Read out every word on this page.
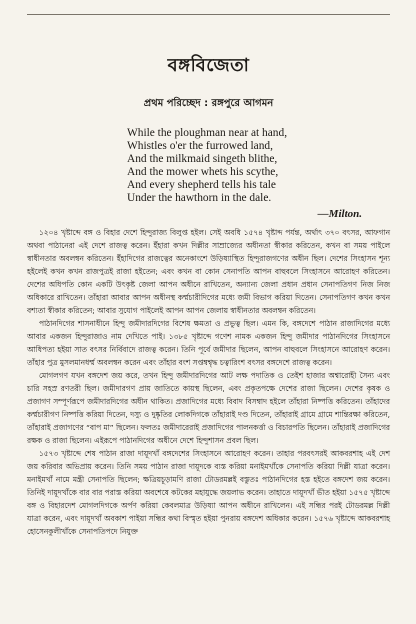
বঙ্গবিজেতা
প্রথম পরিচ্ছেদ : রঙ্গপুরে আগমন
While the ploughman near at hand,
Whistles o'er the furrowed land,
And the milkmaid singeth blithe,
And the mower whets his scythe,
And every shepherd tells his tale
Under the hawthorn in the dale.
—Milton.

১২০৪ খৃষ্টাব্দে বঙ্গ ও বিহার দেশে হিন্দুরাজ্য বিলুপ্ত হইল। সেই অবধি ১৫৭৪ খৃষ্টাব্দ পর্যন্ত, অর্থাৎ ৩৭০ বৎসর, আফগান অথবা পাঠানেরা এই দেশে রাজত্ব করেন। ইঁহারা কখন দিল্লীর সাম্রাজ্যের অধীনতা স্বীকার করিতেন, কখন বা সময় পাইলে স্বাধীনতার অবলম্বন করিতেন। ইঁহাদিগের রাজত্বের অনেকাংশে উড়িষ্যাস্থিত হিন্দুরাজগণের অধীন ছিল। দেশের সিংহাসন শূন্য হইলেই কখন কখন রাজপুত্রই রাজা হইতেন; এবং কখন বা কোন সেনাপতি আপন বাহুবলে সিংহাসনে আরোহণ করিতেন। দেশের অধিপতি কোন একটি উৎকৃষ্ট জেলা আপন অধীনে রাখিতেন, অন্যান্য জেলা প্রধান প্রধান সেনাপতিগণ নিজ নিজ অধিকারে রাখিতেন। তাঁহারা আবার আপন অধীনস্থ কর্ম্মচারীদিগের মধ্যে জমী বিভাগ করিয়া দিতেন। সেনাপতিগণ কখন কখন বশ্যতা স্বীকার করিতেন; আবার সুযোগ পাইলেই আপন আপন জেলায় স্বাধীনতার অবলম্বন করিতেন।

পাঠানদিগের শাসনাধীনে হিন্দু জমীদারদিগের বিশেষ ক্ষমতা ও প্রভুত্ব ছিল। এমন কি, বঙ্গদেশে পাঠান রাজাদিগের মধ্যে আবার একজন হিন্দুরাজাও নাম দেখিতে পাই। ১৩৮৫ খৃষ্টাব্দে গণেশ নামক একজন হিন্দু জমীদার পাঠানদিগের সিংহাসনে আধিপত্য হইয়া সাত বৎসর নির্বিবাদে রাজত্ব করেন। তিনি পূর্বে জমীদার ছিলেন, আপন বাহুবলে সিংহাসনে আরোহণ করেন। তাঁহার পুত্র মুসলমানধর্ম্ম অবলম্বন করেন এবং তাঁহার বংশ সপ্তম্বশ্বৃদ্ধ চত্বারিংশ বৎসর বঙ্গদেশে রাজত্ব করেন।

মোগলগণ যখন বঙ্গদেশ জয় করে, তখন হিন্দু জমীদারদিগের আট লক্ষ পদাতিক ও তেইশ হাজার অশ্বারোহী সৈন্য এবং চারি সহস্র রণতরী ছিল। জমীদারগণ প্রায় জাতিতে কায়স্থ ছিলেন, এবং প্রকৃতপক্ষে দেশের রাজা ছিলেন। দেশের কৃষক ও প্রজাগণ সম্পূর্ণরূপে জমীদারদিগের অধীন থাকিত। প্রজাদিগের মধ্যে বিবাদ বিসম্বাদ হইলে তাঁহারা নিষ্পত্তি করিতেন। তাঁহাদের কর্ম্মচারীগণ নিষ্পত্তি করিয়া দিতেন, দস্যু ও দুষ্কৃতির লোকদিগকে তাঁহারাই দণ্ড দিতেন, তাঁহারাই গ্রামে গ্রামে শান্তিরক্ষা করিতেন, তাঁহারাই প্রজাগণের “বাপ মা” ছিলেন। ফলতঃ জমীদারেরাই প্রজাদিগের পালনকর্ত্তা ও বিচারপতি ছিলেন। তাঁহারাই প্রজাদিগের রক্ষক ও রাজা ছিলেন। এইরূপে পাঠানদিগের অধীনে দেশে হিন্দুশাসন প্রবল ছিল।

১৫৭৩ খৃষ্টাব্দে শেষ পাঠান রাজা দায়ূদখাঁ বঙ্গদেশের সিংহাসনে আরোহণ করেন। তাহার পরবৎসরই আকবরশাহ এই দেশ জয় করিবার অভিপ্রায় করেন। তিনি সময় পাঠান রাজা দায়ূদকে ব্যস্ত করিয়া মনাইমখাঁকে সেনাপতি করিয়া দিল্লী যাত্রা করেন। মনাইমখাঁ নামে মন্ত্রী সেনাপতি ছিলেন; ক্ষত্রিয়চূড়ামণি রাজা টোডরমল্লই বস্তুতঃ পাঠানদিগের হস্ত হইতে বঙ্গদেশ জয় করেন। তিনিই দায়ূদখাঁকে বার বার পরাস্ত করিয়া অবশেষে কটকের মহাযুদ্ধে জয়লাভ করেন। তাহাতে দায়ূদখাঁ ভীত হইয়া ১৫৭৫ খৃষ্টাব্দে বঙ্গ ও বিহারদেশ মোগলদিগকে অর্পণ করিয়া কেবলমাত্র উড়িষ্যা আপন অধীনে রাখিলেন। এই সন্ধির পরই টোডরমল্ল দিল্লী যাত্রা করেন, এবং দায়ূদখাঁ অবকাশ পাইয়া সন্ধির কথা বিস্মৃত হইয়া পুনরায় বঙ্গদেশ অধিকার করেন। ১৫৭৬ খৃষ্টাব্দে আকবরশাহ হোসেনকুলীখাঁকে সেনাপতিপদে নিযুক্ত
